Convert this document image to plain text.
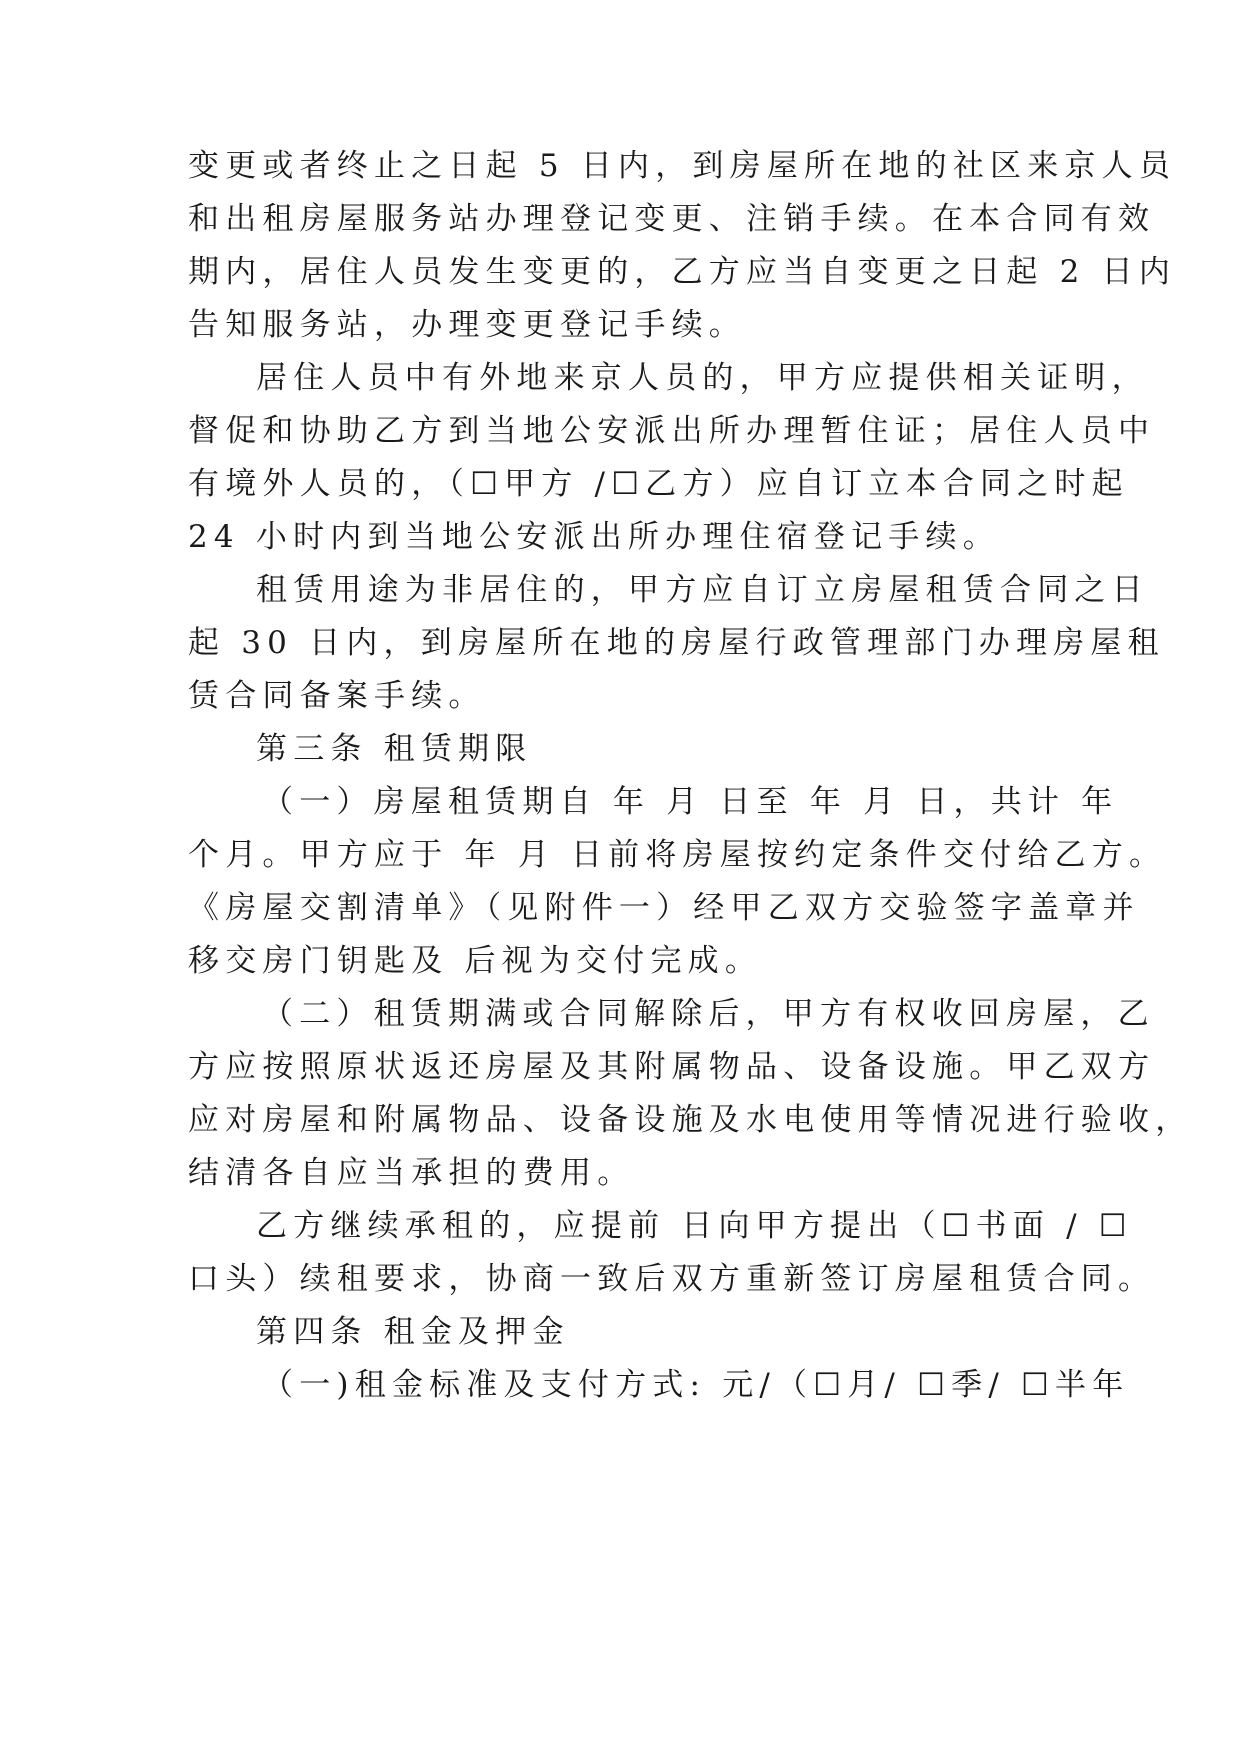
变更或者终止之日起 5 日内，到房屋所在地的社区来京人员
和出租房屋服务站办理登记变更、注销手续。在本合同有效
期内，居住人员发生变更的，乙方应当自变更之日起 2 日内
告知服务站，办理变更登记手续。
居住人员中有外地来京人员的，甲方应提供相关证明，
督促和协助乙方到当地公安派出所办理暂住证；居住人员中
有境外人员的，（☐甲方 /☐乙方）应自订立本合同之时起
24 小时内到当地公安派出所办理住宿登记手续。
租赁用途为非居住的，甲方应自订立房屋租赁合同之日
起 30 日内，到房屋所在地的房屋行政管理部门办理房屋租
赁合同备案手续。
第三条 租赁期限
（一）房屋租赁期自 年 月 日至 年 月 日，共计 年
个月。甲方应于 年 月 日前将房屋按约定条件交付给乙方。
《房屋交割清单》（见附件一）经甲乙双方交验签字盖章并
移交房门钥匙及 后视为交付完成。
（二）租赁期满或合同解除后，甲方有权收回房屋，乙
方应按照原状返还房屋及其附属物品、设备设施。甲乙双方
应对房屋和附属物品、设备设施及水电使用等情况进行验收，
结清各自应当承担的费用。
乙方继续承租的，应提前 日向甲方提出（☐书面 / ☐
口头）续租要求，协商一致后双方重新签订房屋租赁合同。
第四条 租金及押金
（一)租金标准及支付方式: 元/（☐月/ ☐季/ ☐半年
